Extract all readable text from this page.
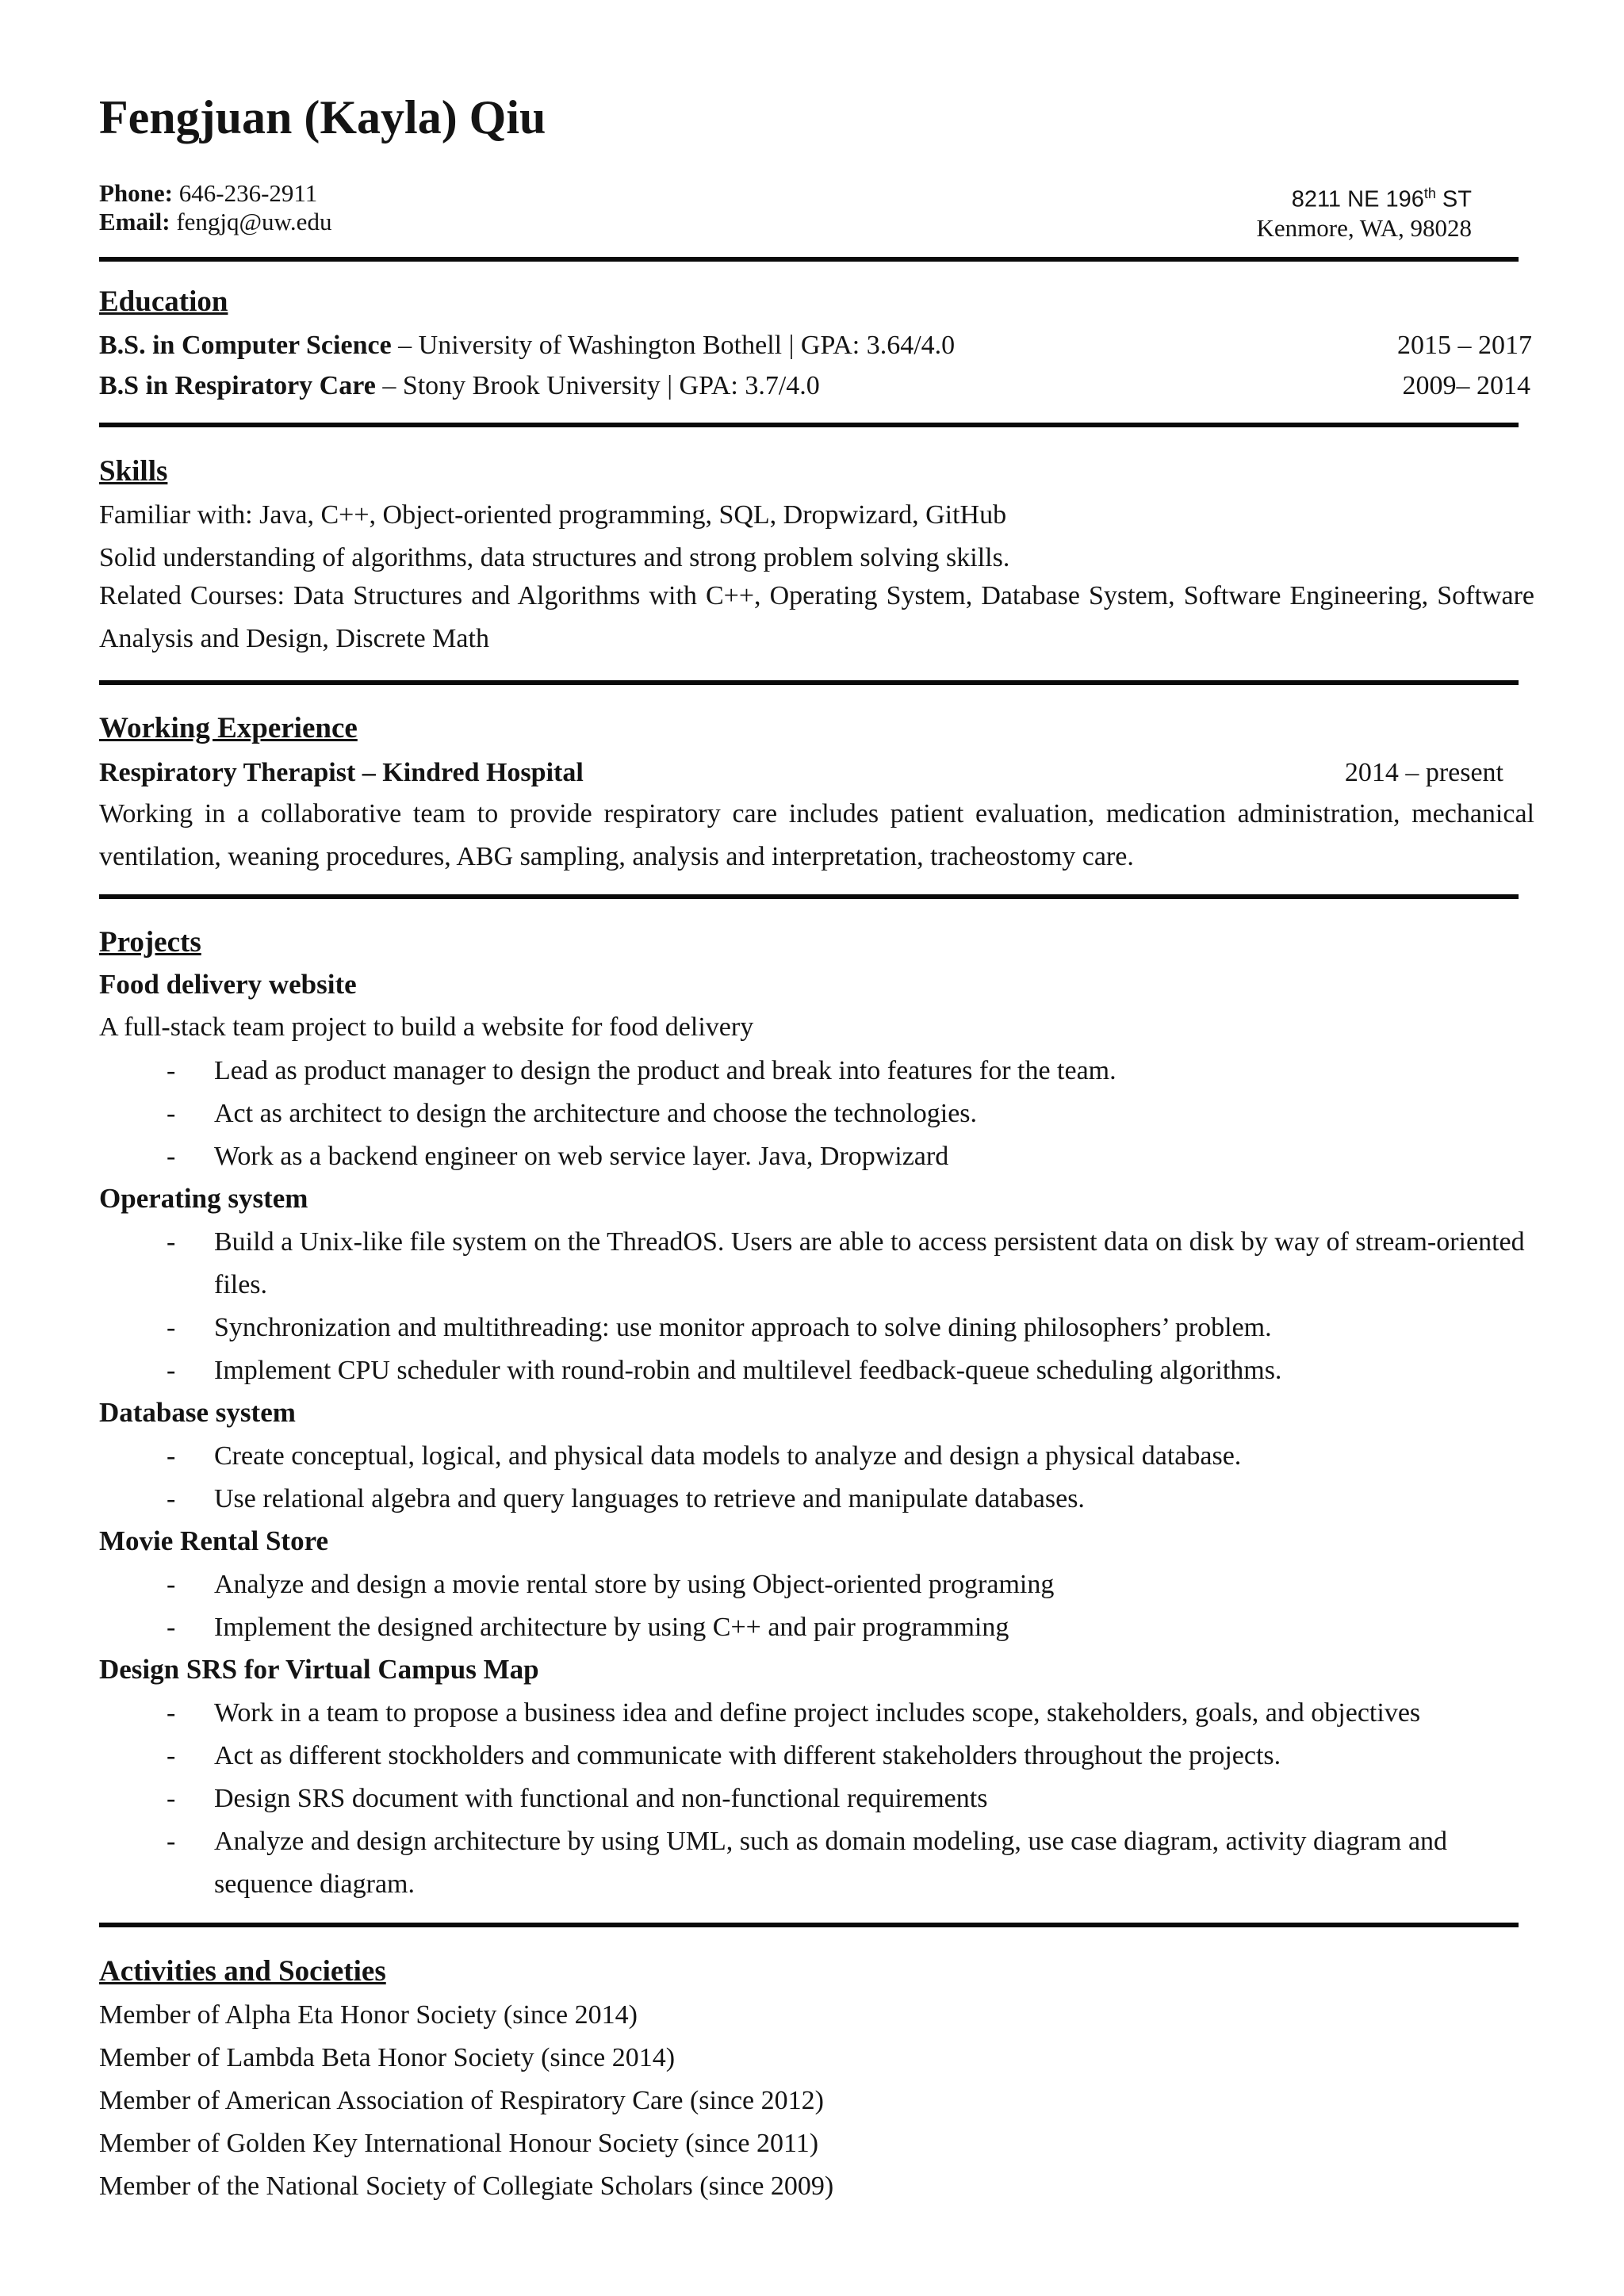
Fengjuan (Kayla) Qiu
Phone: 646-236-2911
Email: fengjq@uw.edu
8211 NE 196th ST
Kenmore, WA, 98028
Education
B.S. in Computer Science – University of Washington Bothell | GPA: 3.64/4.0	2015 – 2017
B.S in Respiratory Care – Stony Brook University | GPA: 3.7/4.0	2009– 2014
Skills
Familiar with: Java, C++, Object-oriented programming, SQL, Dropwizard, GitHub
Solid understanding of algorithms, data structures and strong problem solving skills.
Related Courses: Data Structures and Algorithms with C++, Operating System, Database System, Software Engineering, Software Analysis and Design, Discrete Math
Working Experience
Respiratory Therapist – Kindred Hospital	2014 – present
Working in a collaborative team to provide respiratory care includes patient evaluation, medication administration, mechanical ventilation, weaning procedures, ABG sampling, analysis and interpretation, tracheostomy care.
Projects
Food delivery website
A full-stack team project to build a website for food delivery
- Lead as product manager to design the product and break into features for the team.
- Act as architect to design the architecture and choose the technologies.
- Work as a backend engineer on web service layer. Java, Dropwizard
Operating system
- Build a Unix-like file system on the ThreadOS. Users are able to access persistent data on disk by way of stream-oriented files.
- Synchronization and multithreading: use monitor approach to solve dining philosophers’ problem.
- Implement CPU scheduler with round-robin and multilevel feedback-queue scheduling algorithms.
Database system
- Create conceptual, logical, and physical data models to analyze and design a physical database.
- Use relational algebra and query languages to retrieve and manipulate databases.
Movie Rental Store
- Analyze and design a movie rental store by using Object-oriented programing
- Implement the designed architecture by using C++ and pair programming
Design SRS for Virtual Campus Map
- Work in a team to propose a business idea and define project includes scope, stakeholders, goals, and objectives
- Act as different stockholders and communicate with different stakeholders throughout the projects.
- Design SRS document with functional and non-functional requirements
- Analyze and design architecture by using UML, such as domain modeling, use case diagram, activity diagram and sequence diagram.
Activities and Societies
Member of Alpha Eta Honor Society (since 2014)
Member of Lambda Beta Honor Society (since 2014)
Member of American Association of Respiratory Care (since 2012)
Member of Golden Key International Honour Society (since 2011)
Member of the National Society of Collegiate Scholars (since 2009)
